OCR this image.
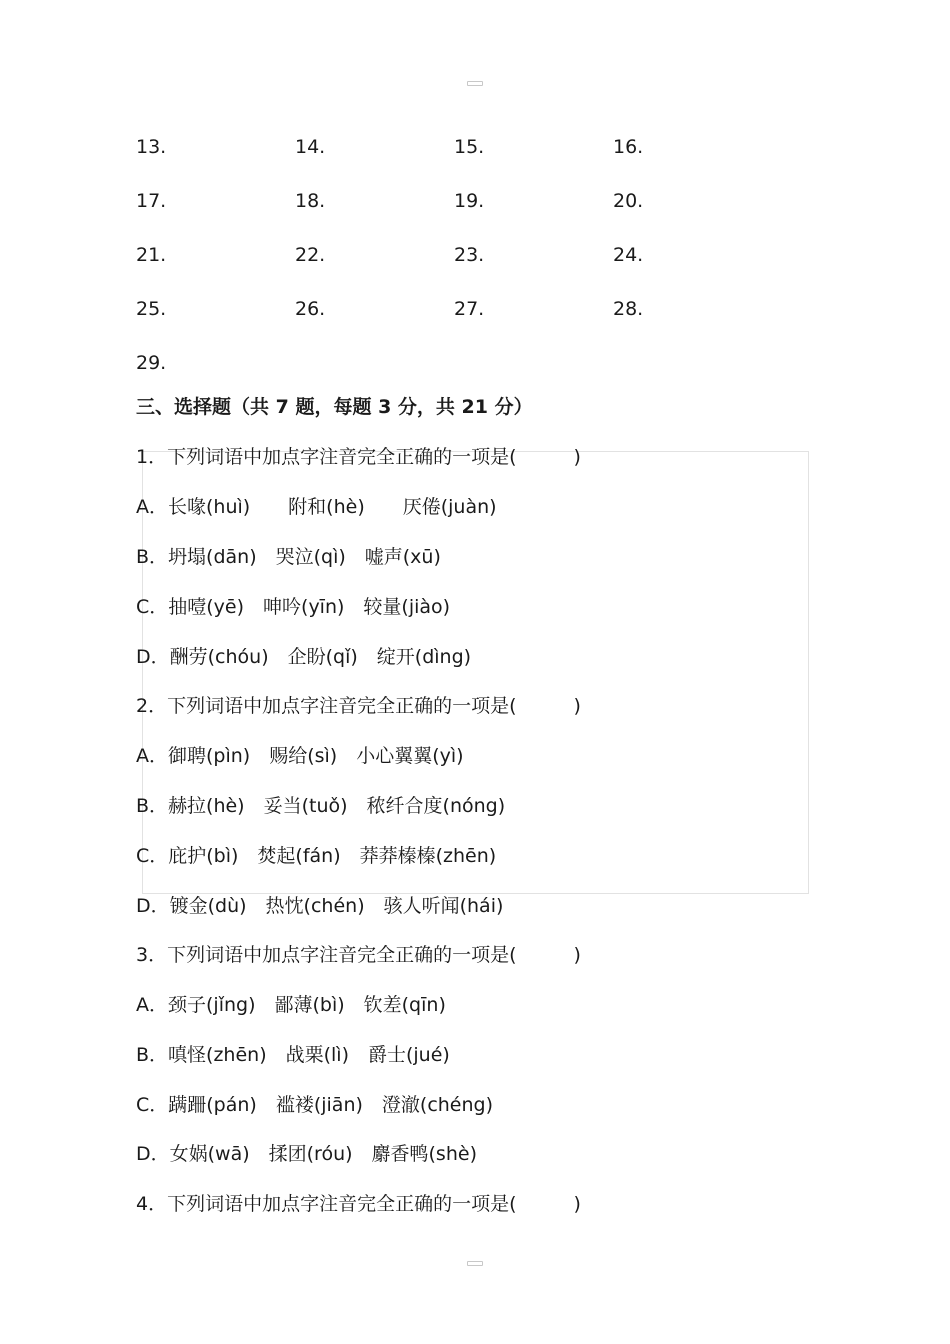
13.	14.	15.	16.
17.	18.	19.	20.
21.	22.	23.	24.
25.	26.	27.	28.
29.
三、选择题（共 7 题，每题 3 分，共 21 分）
1．下列词语中加点字注音完全正确的一项是(　　　)
A．长喙(huì)　　附和(hè)　　厌倦(juàn)
B．坍塌(dān)　哭泣(qì)　嘘声(xū)
C．抽噎(yē)　呻吟(yīn)　较量(jiào)
D．酬劳(chóu)　企盼(qǐ)　绽开(dìng)
2．下列词语中加点字注音完全正确的一项是(　　　)
A．御聘(pìn)　赐给(sì)　小心翼翼(yì)
B．赫拉(hè)　妥当(tuǒ)　秾纤合度(nóng)
C．庇护(bì)　焚起(fán)　莽莽榛榛(zhēn)
D．镀金(dù)　热忱(chén)　骇人听闻(hái)
3．下列词语中加点字注音完全正确的一项是(　　　)
A．颈子(jǐng)　鄙薄(bì)　钦差(qīn)
B．嗔怪(zhēn)　战栗(lì)　爵士(jué)
C．蹒跚(pán)　褴褛(jiān)　澄澈(chéng)
D．女娲(wā)　揉团(róu)　麝香鸭(shè)
4．下列词语中加点字注音完全正确的一项是(　　　)
